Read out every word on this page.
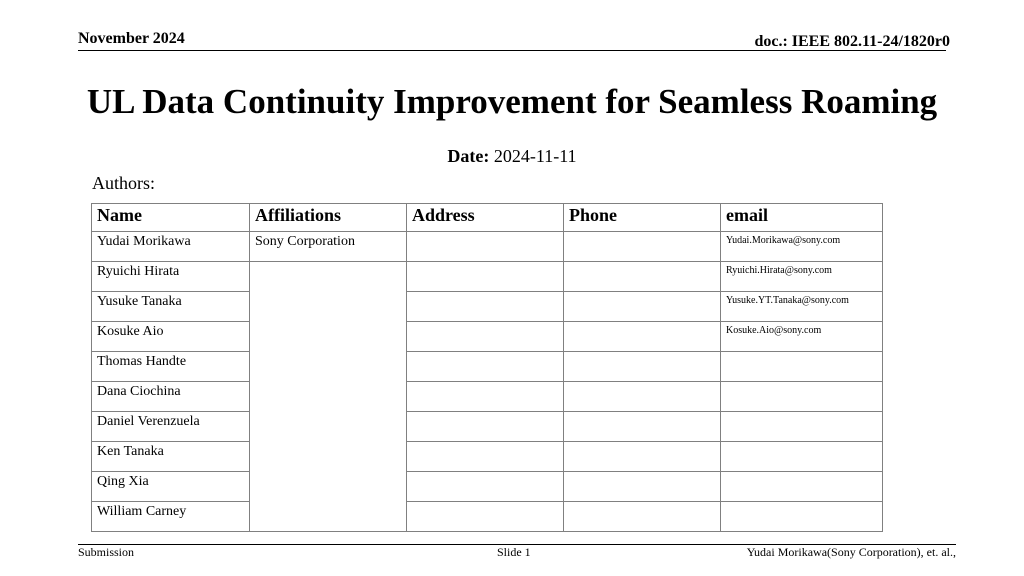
November 2024	doc.: IEEE 802.11-24/1820r0
UL Data Continuity Improvement for Seamless Roaming
Date: 2024-11-11
Authors:
Name	Affiliations	Address	Phone	email
Yudai Morikawa	Sony Corporation			Yudai.Morikawa@sony.com
Ryuichi Hirata				Ryuichi.Hirata@sony.com
Yusuke Tanaka				Yusuke.YT.Tanaka@sony.com
Kosuke Aio				Kosuke.Aio@sony.com
Thomas Handte				
Dana Ciochina				
Daniel Verenzuela				
Ken Tanaka				
Qing Xia				
William Carney				
Submission	Slide 1	Yudai Morikawa(Sony Corporation), et. al.,
